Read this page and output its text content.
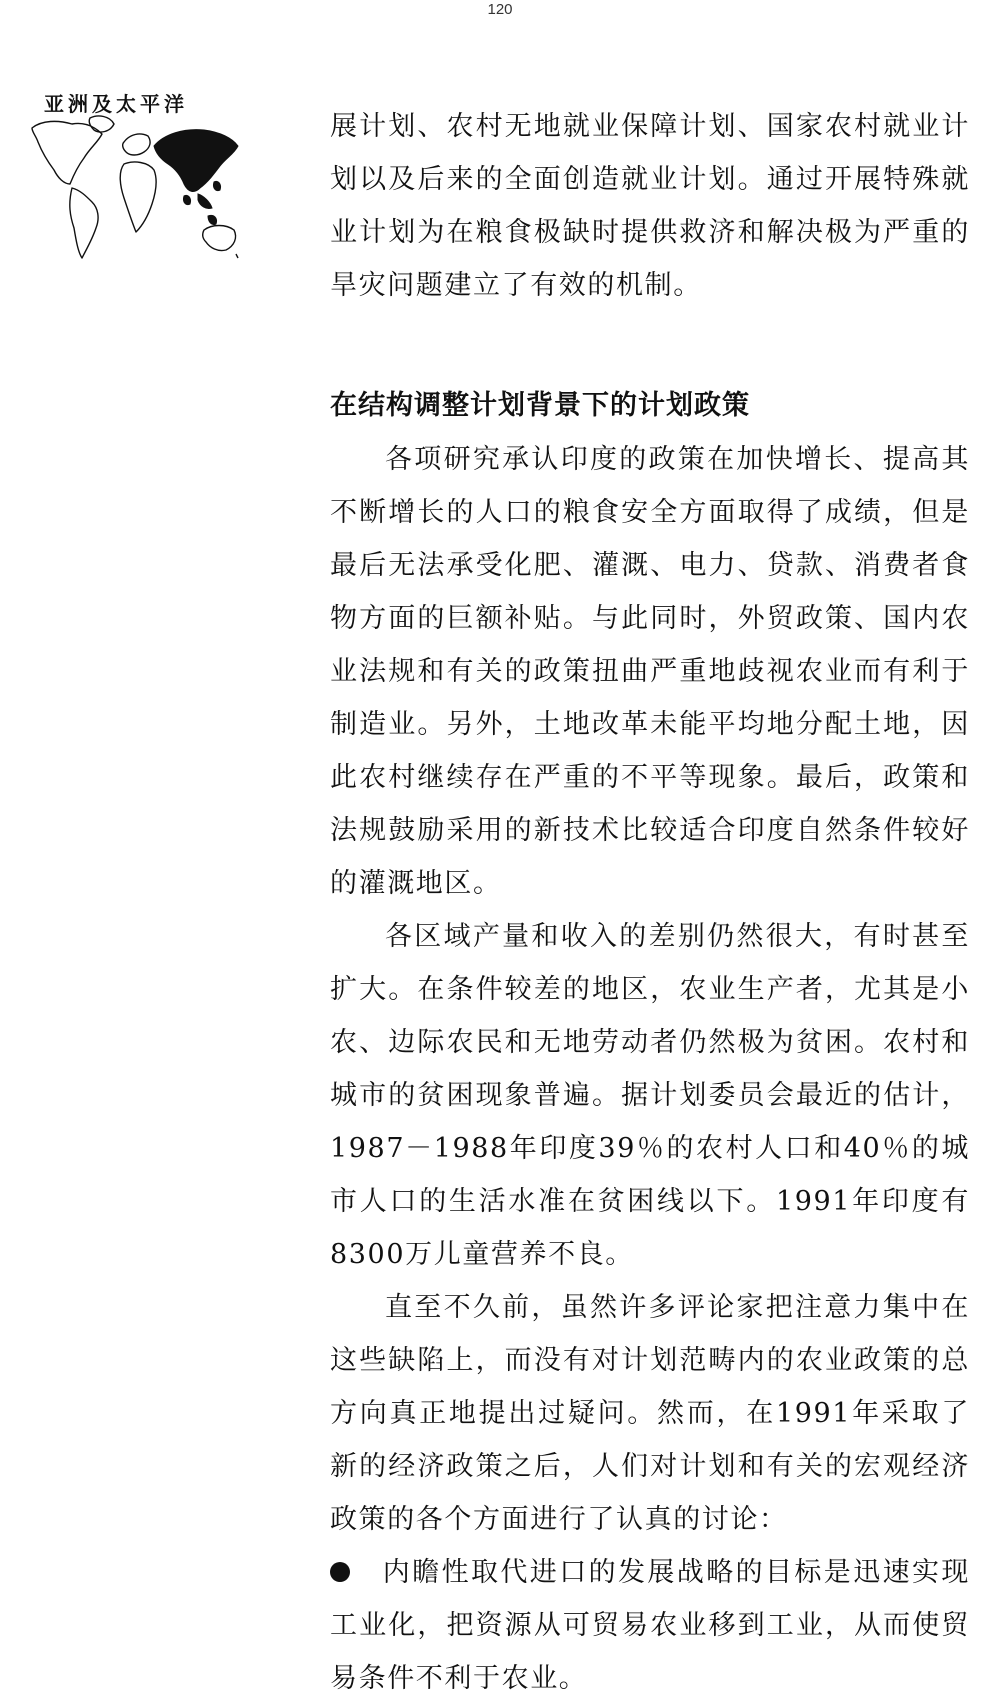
120
亚洲及太平洋

展计划、农村无地就业保障计划、国家农村就业计划以及后来的全面创造就业计划。通过开展特殊就业计划为在粮食极缺时提供救济和解决极为严重的旱灾问题建立了有效的机制。

在结构调整计划背景下的计划政策

各项研究承认印度的政策在加快增长、提高其不断增长的人口的粮食安全方面取得了成绩，但是最后无法承受化肥、灌溉、电力、贷款、消费者食物方面的巨额补贴。与此同时，外贸政策、国内农业法规和有关的政策扭曲严重地歧视农业而有利于制造业。另外，土地改革未能平均地分配土地，因此农村继续存在严重的不平等现象。最后，政策和法规鼓励采用的新技术比较适合印度自然条件较好的灌溉地区。

各区域产量和收入的差别仍然很大，有时甚至扩大。在条件较差的地区，农业生产者，尤其是小农、边际农民和无地劳动者仍然极为贫困。农村和城市的贫困现象普遍。据计划委员会最近的估计，1987－1988年印度39％的农村人口和40％的城市人口的生活水准在贫困线以下。1991年印度有8300万儿童营养不良。

直至不久前，虽然许多评论家把注意力集中在这些缺陷上，而没有对计划范畴内的农业政策的总方向真正地提出过疑问。然而，在1991年采取了新的经济政策之后，人们对计划和有关的宏观经济政策的各个方面进行了认真的讨论：

内瞻性取代进口的发展战略的目标是迅速实现工业化，把资源从可贸易农业移到工业，从而使贸易条件不利于农业。
